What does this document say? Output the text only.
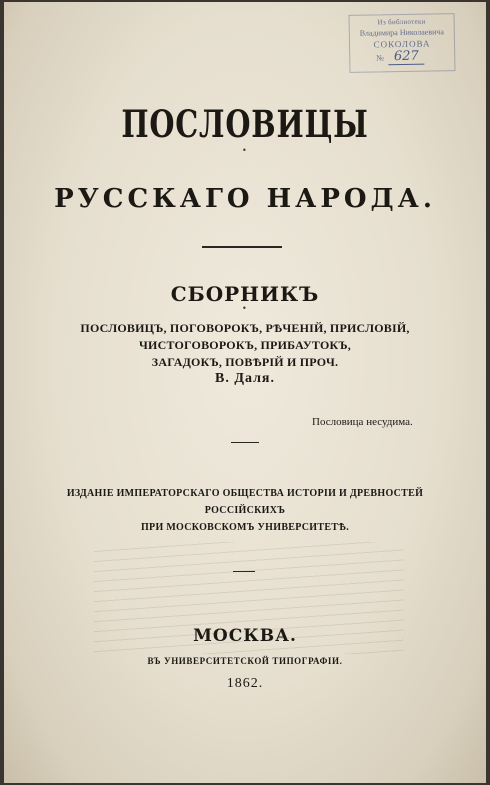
Из библиотеки
Владимира Николаевича
СОКОЛОВА
№ 627
ПОСЛОВИЦЫ
•
РУССКАГО НАРОДА.
СБОРНИКЪ
•
ПОСЛОВИЦЪ, ПОГОВОРОКЪ, РѢЧЕНІЙ, ПРИСЛОВІЙ, ЧИСТОГОВОРОКЪ, ПРИБАУТОКЪ,
ЗАГАДОКЪ, ПОВѢРІЙ И ПРОЧ.
В. Даля.
Пословица несудима.
ИЗДАНІЕ ИМПЕРАТОРСКАГО ОБЩЕСТВА ИСТОРІИ И ДРЕВНОСТЕЙ РОССІЙСКИХЪ
ПРИ МОСКОВСКОМЪ УНИВЕРСИТЕТѢ.
МОСКВА.
ВЪ УНИВЕРСИТЕТСКОЙ ТИПОГРАФІИ.
1862.
